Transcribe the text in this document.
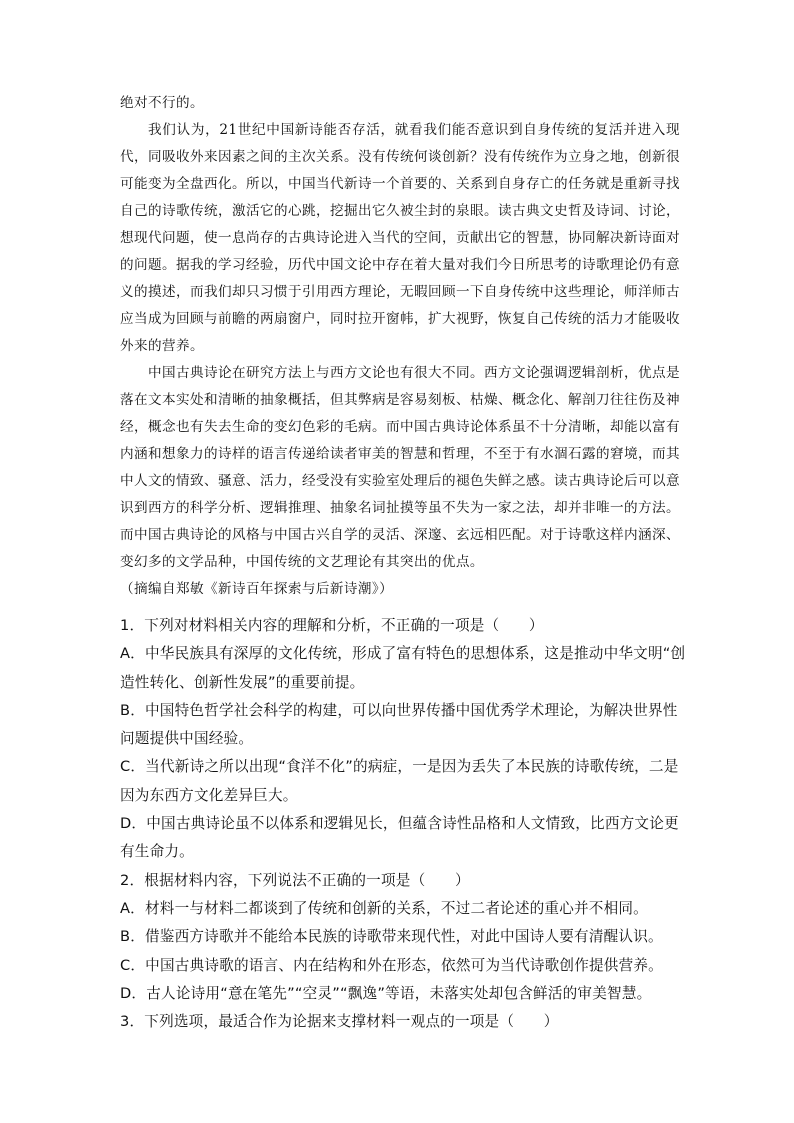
绝对不行的。

我们认为，21世纪中国新诗能否存活，就看我们能否意识到自身传统的复活并进入现代，同吸收外来因素之间的主次关系。没有传统何谈创新？没有传统作为立身之地，创新很可能变为全盘西化。所以，中国当代新诗一个首要的、关系到自身存亡的任务就是重新寻找自己的诗歌传统，激活它的心跳，挖掘出它久被尘封的泉眼。读古典文史哲及诗词、讨论，想现代问题，使一息尚存的古典诗论进入当代的空间，贡献出它的智慧，协同解决新诗面对的问题。据我的学习经验，历代中国文论中存在着大量对我们今日所思考的诗歌理论仍有意义的摸述，而我们却只习惯于引用西方理论，无暇回顾一下自身传统中这些理论，师洋师古应当成为回顾与前瞻的两扇窗户，同时拉开窗帏，扩大视野，恢复自己传统的活力才能吸收外来的营养。

中国古典诗论在研究方法上与西方文论也有很大不同。西方文论强调逻辑剖析，优点是落在文本实处和清晰的抽象概括，但其弊病是容易刻板、枯燥、概念化、解剖刀往往伤及神经，概念也有失去生命的变幻色彩的毛病。而中国古典诗论体系虽不十分清晰，却能以富有内涵和想象力的诗样的语言传递给读者审美的智慧和哲理，不至于有水涸石露的窘境，而其中人文的情致、骚意、活力，经受没有实验室处理后的褪色失鲜之感。读古典诗论后可以意识到西方的科学分析、逻辑推理、抽象名词扯摸等虽不失为一家之法，却并非唯一的方法。而中国古典诗论的风格与中国古兴自学的灵活、深邃、玄远相匹配。对于诗歌这样内涵深、变幻多的文学品种，中国传统的文艺理论有其突出的优点。

（摘编自郑敏《新诗百年探索与后新诗潮》）

1．下列对材料相关内容的理解和分析，不正确的一项是（　　）

A．中华民族具有深厚的文化传统，形成了富有特色的思想体系，这是推动中华文明“创造性转化、创新性发展”的重要前提。
B．中国特色哲学社会科学的构建，可以向世界传播中国优秀学术理论，为解决世界性问题提供中国经验。
C．当代新诗之所以出现“食洋不化”的病症，一是因为丢失了本民族的诗歌传统，二是因为东西方文化差异巨大。
D．中国古典诗论虽不以体系和逻辑见长，但蕴含诗性品格和人文情致，比西方文论更有生命力。

2．根据材料内容，下列说法不正确的一项是（　　）

A．材料一与材料二都谈到了传统和创新的关系，不过二者论述的重心并不相同。
B．借鉴西方诗歌并不能给本民族的诗歌带来现代性，对此中国诗人要有清醒认识。
C．中国古典诗歌的语言、内在结构和外在形态，依然可为当代诗歌创作提供营养。
D．古人论诗用“意在笔先”“空灵”“飘逸”等语，未落实处却包含鲜活的审美智慧。

3．下列选项，最适合作为论据来支撑材料一观点的一项是（　　）
